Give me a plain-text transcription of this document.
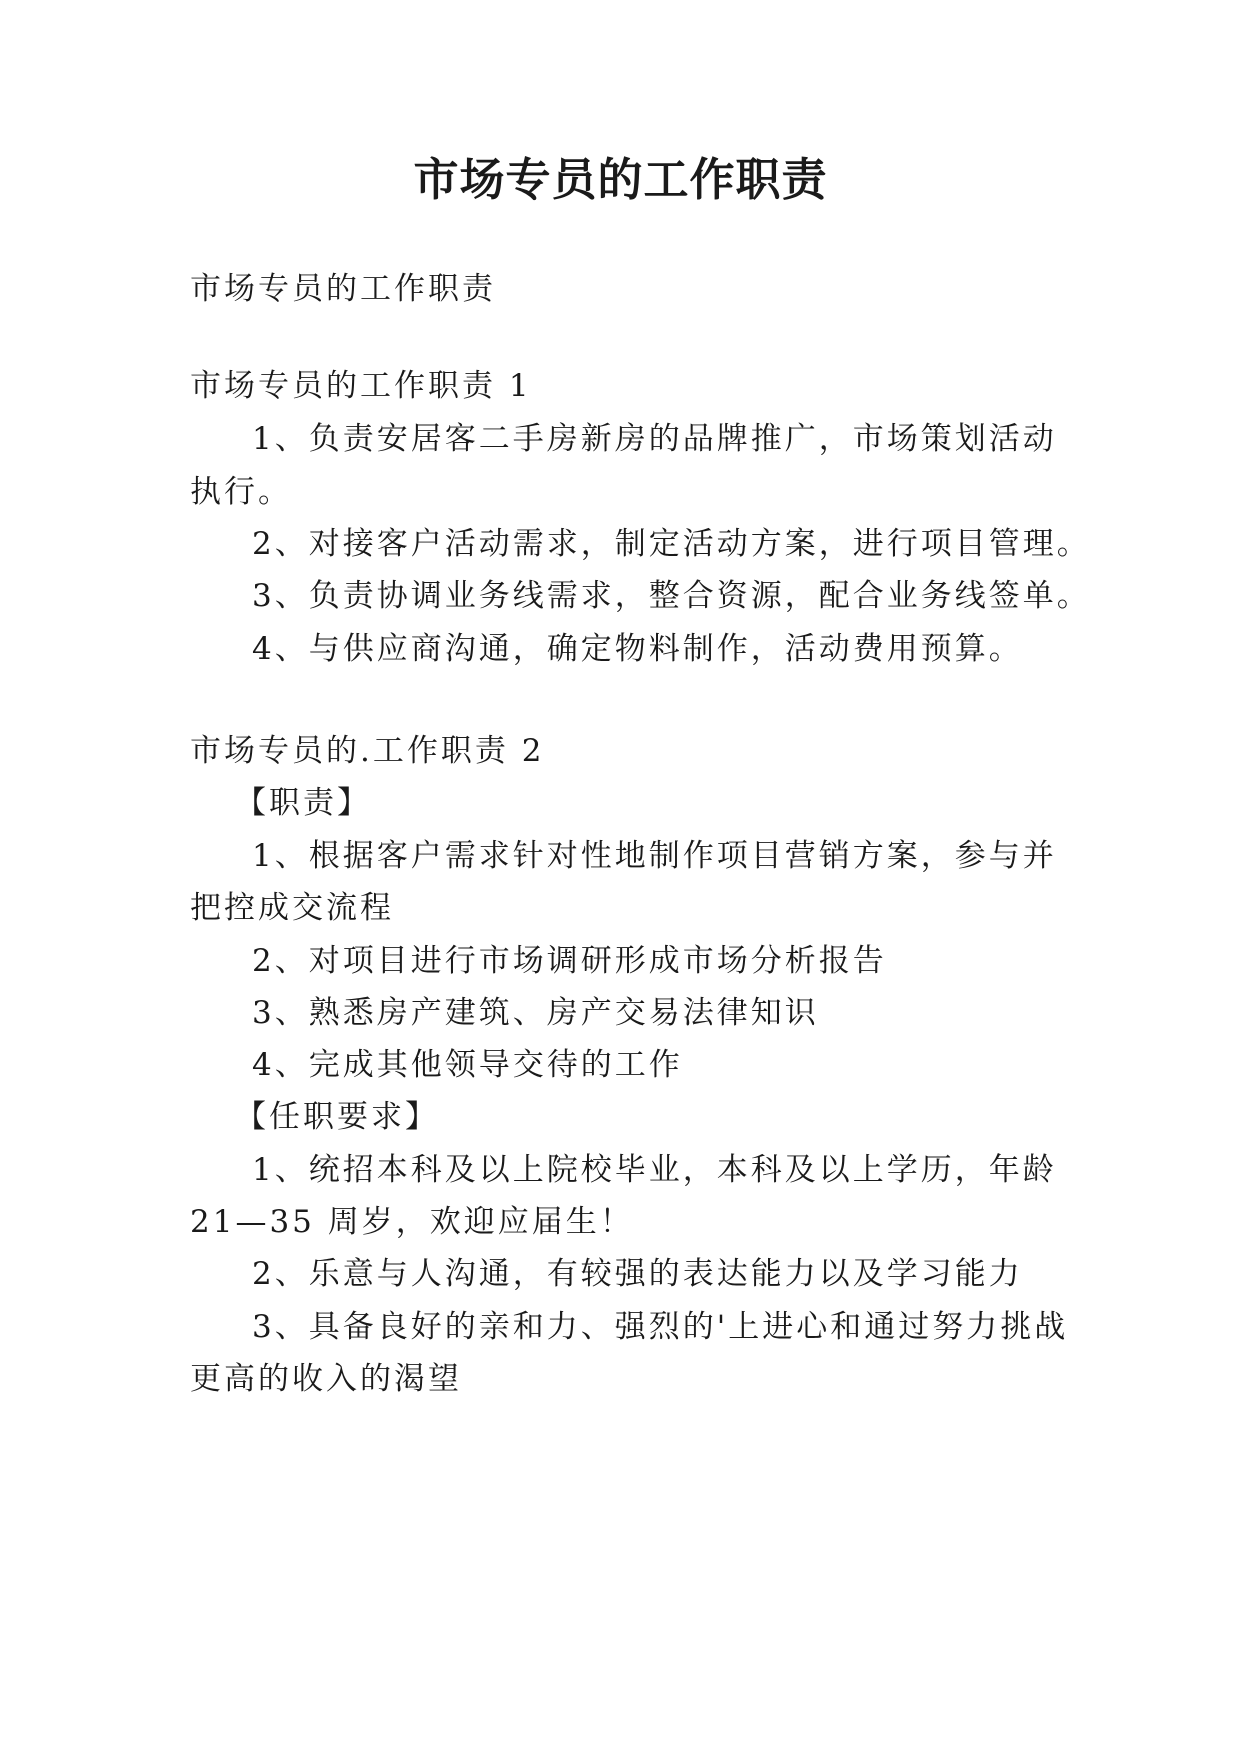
市场专员的工作职责

市场专员的工作职责

市场专员的工作职责 1

1、负责安居客二手房新房的品牌推广，市场策划活动

执行。

2、对接客户活动需求，制定活动方案，进行项目管理。

3、负责协调业务线需求，整合资源，配合业务线签单。

4、与供应商沟通，确定物料制作，活动费用预算。

市场专员的.工作职责 2

【职责】

1、根据客户需求针对性地制作项目营销方案，参与并

把控成交流程

2、对项目进行市场调研形成市场分析报告

3、熟悉房产建筑、房产交易法律知识

4、完成其他领导交待的工作

【任职要求】

1、统招本科及以上院校毕业，本科及以上学历，年龄

21—35 周岁，欢迎应届生！

2、乐意与人沟通，有较强的表达能力以及学习能力

3、具备良好的亲和力、强烈的'上进心和通过努力挑战

更高的收入的渴望
